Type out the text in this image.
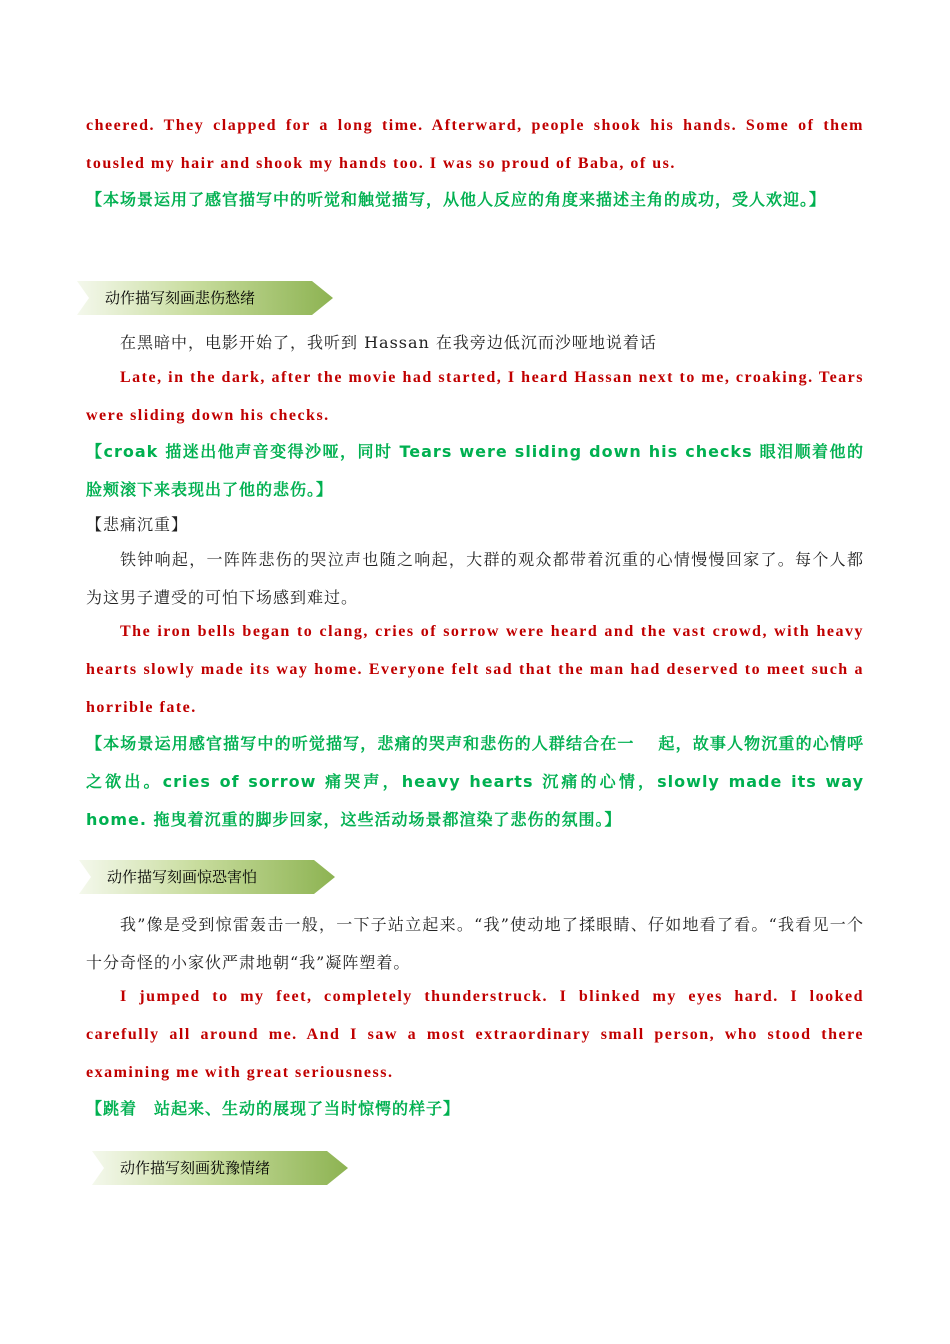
cheered. They clapped for a long time. Afterward, people shook his hands. Some of them tousled my hair and shook my hands too. I was so proud of Baba, of us.

【本场景运用了感官描写中的听觉和触觉描写，从他人反应的角度来描述主角的成功，受人欢迎。】

动作描写刻画悲伤愁绪

在黑暗中，电影开始了，我听到 Hassan 在我旁边低沉而沙哑地说着话

Late, in the dark, after the movie had started, I heard Hassan next to me, croaking. Tears were sliding down his checks.

【croak 描迷出他声音变得沙哑，同时 Tears were sliding down his checks 眼泪顺着他的脸颊滚下来表现出了他的悲伤。】

【悲痛沉重】

铁钟响起，一阵阵悲伤的哭泣声也随之响起，大群的观众都带着沉重的心情慢慢回家了。每个人都为这男子遭受的可怕下场感到难过。

The iron bells began to clang, cries of sorrow were heard and the vast crowd, with heavy hearts slowly made its way home. Everyone felt sad that the man had deserved to meet such a horrible fate.

【本场景运用感官描写中的听觉描写，悲痛的哭声和悲伤的人群结合在一　 起，故事人物沉重的心情呼之欲出。cries of sorrow 痛哭声，heavy hearts 沉痛的心情，slowly made its way home. 拖曳着沉重的脚步回家，这些活动场景都渲染了悲伤的氛围。】

动作描写刻画惊恐害怕

我”像是受到惊雷轰击一般，一下子站立起来。“我”使动地了揉眼睛、仔如地看了看。“我看见一个十分奇怪的小家伙严肃地朝“我”凝阵塑着。

I jumped to my feet, completely thunderstruck. I blinked my eyes hard. I looked carefully all around me. And I saw a most extraordinary small person, who stood there examining me with great seriousness.

【跳着　站起来、生动的展现了当时惊愕的样子】

动作描写刻画犹豫情绪
